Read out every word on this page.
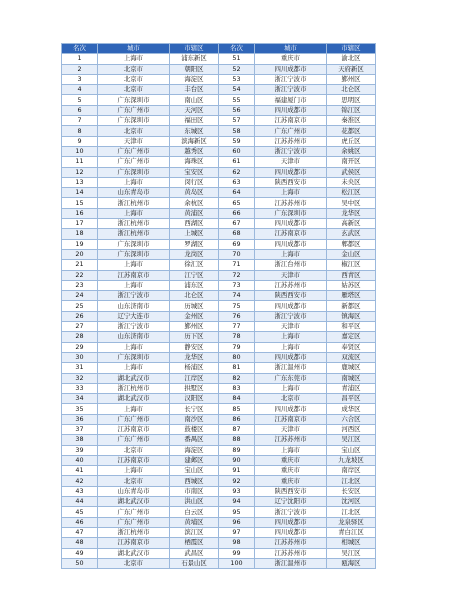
名次	城市	市辖区	名次	城市	市辖区
1	上海市	浦东新区	51	重庆市	渝北区
2	北京市	朝阳区	52	四川成都市	天府新区
3	北京市	海淀区	53	浙江宁波市	鄞州区
4	北京市	丰台区	54	浙江宁波市	北仑区
5	广东深圳市	南山区	55	福建厦门市	思明区
6	广东广州市	天河区	56	四川成都市	锦江区
7	广东深圳市	福田区	57	江苏南京市	秦淮区
8	北京市	东城区	58	广东广州市	花都区
9	天津市	滨海新区	59	江苏苏州市	虎丘区
10	广东广州市	越秀区	60	浙江宁波市	余姚区
11	广东广州市	海珠区	61	天津市	南开区
12	广东深圳市	宝安区	62	四川成都市	武侯区
13	上海市	闵行区	63	陕西西安市	未央区
14	山东青岛市	黄岛区	64	上海市	松江区
15	浙江杭州市	余杭区	65	江苏苏州市	吴中区
16	上海市	黄浦区	66	广东深圳市	龙华区
17	浙江杭州市	西湖区	67	四川成都市	高新区
18	浙江杭州市	上城区	68	江苏南京市	玄武区
19	广东深圳市	罗湖区	69	四川成都市	郫都区
20	广东深圳市	龙岗区	70	上海市	金山区
21	上海市	徐汇区	71	浙江台州市	椒江区
22	江苏南京市	江宁区	72	天津市	西青区
23	上海市	浦东区	73	江苏苏州市	姑苏区
24	浙江宁波市	北仑区	74	陕西西安市	雁塔区
25	山东济南市	历城区	75	四川成都市	新都区
26	辽宁大连市	金州区	76	浙江宁波市	镇海区
27	浙江宁波市	鄞州区	77	天津市	和平区
28	山东济南市	历下区	78	上海市	嘉定区
29	上海市	静安区	79	上海市	奉贤区
30	广东深圳市	龙华区	80	四川成都市	双流区
31	上海市	杨浦区	81	浙江温州市	鹿城区
32	湖北武汉市	江岸区	82	广东东莞市	南城区
33	浙江杭州市	拱墅区	83	上海市	青浦区
34	湖北武汉市	汉阳区	84	北京市	昌平区
35	上海市	长宁区	85	四川成都市	成华区
36	广东广州市	南沙区	86	江苏南京市	六合区
37	江苏南京市	鼓楼区	87	天津市	河西区
38	广东广州市	番禺区	88	江苏苏州市	吴江区
39	北京市	海淀区	89	上海市	宝山区
40	江苏南京市	建邺区	90	重庆市	九龙坡区
41	上海市	宝山区	91	重庆市	南岸区
42	北京市	西城区	92	重庆市	江北区
43	山东青岛市	市南区	93	陕西西安市	长安区
44	湖北武汉市	洪山区	94	辽宁沈阳市	沈河区
45	广东广州市	白云区	95	浙江宁波市	江北区
46	广东广州市	黄埔区	96	四川成都市	龙泉驿区
47	浙江杭州市	滨江区	97	四川成都市	青白江区
48	江苏南京市	栖霞区	98	江苏苏州市	相城区
49	湖北武汉市	武昌区	99	江苏苏州市	吴江区
50	北京市	石景山区	100	浙江温州市	瓯海区
